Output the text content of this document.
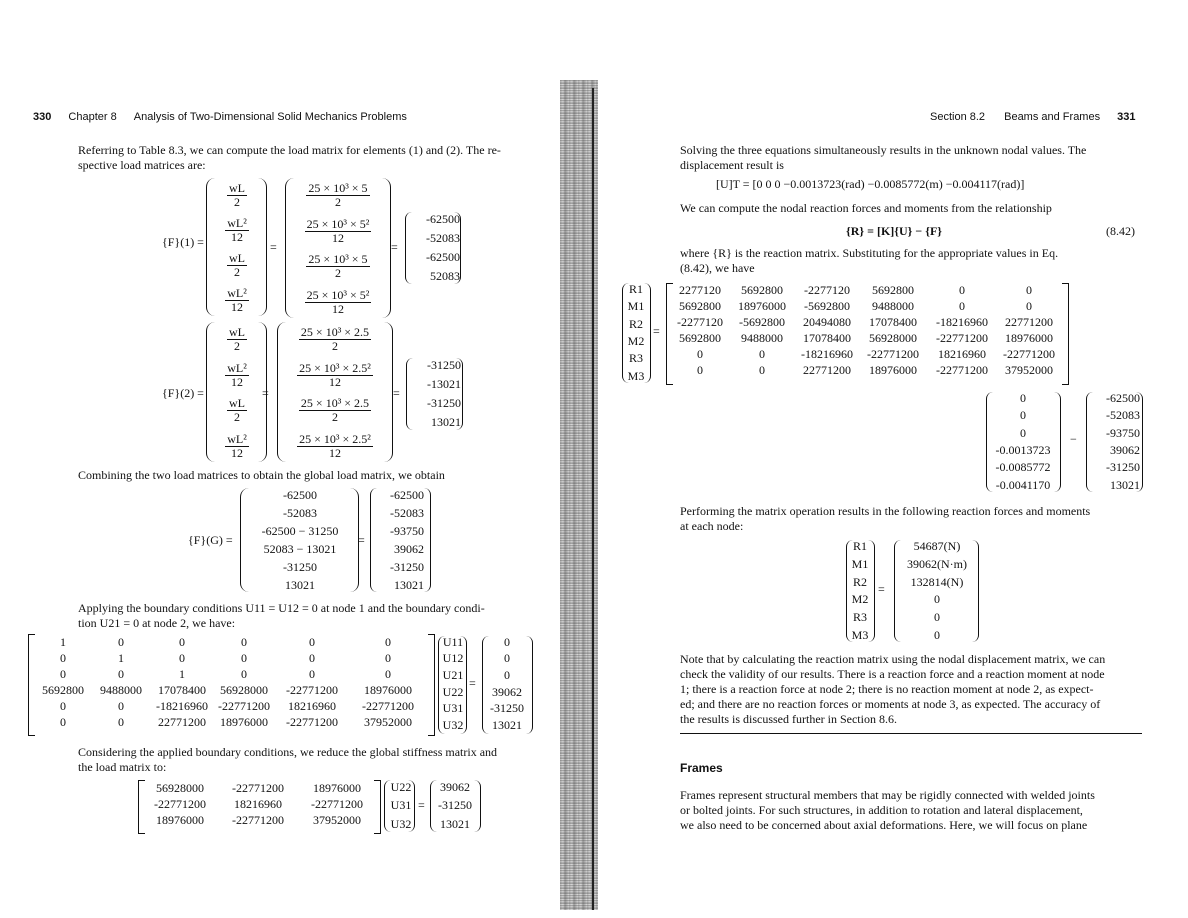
330 Chapter 8 Analysis of Two-Dimensional Solid Mechanics Problems
Referring to Table 8.3, we can compute the load matrix for elements (1) and (2). The re-
spective load matrices are:
{F}(1) =
$\frac{wL}{2}$
$\frac{\text{wL²}}{12}$
$\frac{wL}{2}$
$\frac{\text{wL²}}{12}$
=
$\frac{\text{25 × 10³ × 5}}{2}$
$\frac{\text{25 × 10³ × 5²}}{12}$
$\frac{\text{25 × 10³ × 5}}{2}$
$\frac{\text{25 × 10³ × 5²}}{12}$
=
-62500
-52083
-62500
52083
{F}(2) =
$\frac{wL}{2}$
$\frac{\text{wL²}}{12}$
$\frac{wL}{2}$
$\frac{\text{wL²}}{12}$
=
$\frac{\text{25 × 10³ × 2.5}}{2}$
$\frac{\text{25 × 10³ × 2.5²}}{12}$
$\frac{\text{25 × 10³ × 2.5}}{2}$
$\frac{\text{25 × 10³ × 2.5²}}{12}$
=
-31250
-13021
-31250
13021
Combining the two load matrices to obtain the global load matrix, we obtain
{F}(G) =
-62500
-52083
-62500 − 31250
52083 − 13021
-31250
13021
=
-62500
-52083
-93750
39062
-31250
13021
Applying the boundary conditions U11 = U12 = 0 at node 1 and the boundary condi-
tion U21 = 0 at node 2, we have:
1	0	0	0	0	0
0	1	0	0	0	0
0	0	1	0	0	0
5692800	9488000	17078400	56928000	-22771200	18976000
0	0	-18216960 -22771200	18216960	-22771200
0	0	22771200	18976000	-22771200	37952000
U11
U12
U21
U22
U31
U32
=
0
0
0
39062
-31250
13021
Considering the applied boundary conditions, we reduce the global stiffness matrix and
the load matrix to:
56928000	-22771200	18976000
-22771200	18216960	-22771200
18976000	-22771200	37952000
U22
U31
U32
=
39062
-31250
13021
Section 8.2 Beams and Frames 331
Solving the three equations simultaneously results in the unknown nodal values. The
displacement result is
[U]T = [0 0 0 −0.0013723(rad) −0.0085772(m) −0.004117(rad)]
We can compute the nodal reaction forces and moments from the relationship
{R} = [K]{U} − {F}	(8.42)
where {R} is the reaction matrix. Substituting for the appropriate values in Eq.
(8.42), we have
R1
M1
R2
M2
R3
M3
=
2277120	5692800	-2277120	5692800	0	0
5692800	18976000	-5692800	9488000	0	0
-2277120	-5692800	20494080	17078400	-18216960	22771200
5692800	9488000	17078400	56928000	-22771200	18976000
0	0	-18216960	-22771200	18216960	-22771200
0	0	22771200	18976000	-22771200	37952000
0
0
0
-0.0013723
-0.0085772
-0.0041170
−
-62500
-52083
-93750
39062
-31250
13021
Performing the matrix operation results in the following reaction forces and moments
at each node:
R1
M1
R2
M2
R3
M3
=
54687(N)
39062(N·m)
132814(N)
0
0
0
Note that by calculating the reaction matrix using the nodal displacement matrix, we can
check the validity of our results. There is a reaction force and a reaction moment at node
1; there is a reaction force at node 2; there is no reaction moment at node 2, as expect-
ed; and there are no reaction forces or moments at node 3, as expected. The accuracy of
the results is discussed further in Section 8.6.
Frames
Frames represent structural members that may be rigidly connected with welded joints
or bolted joints. For such structures, in addition to rotation and lateral displacement,
we also need to be concerned about axial deformations. Here, we will focus on plane
